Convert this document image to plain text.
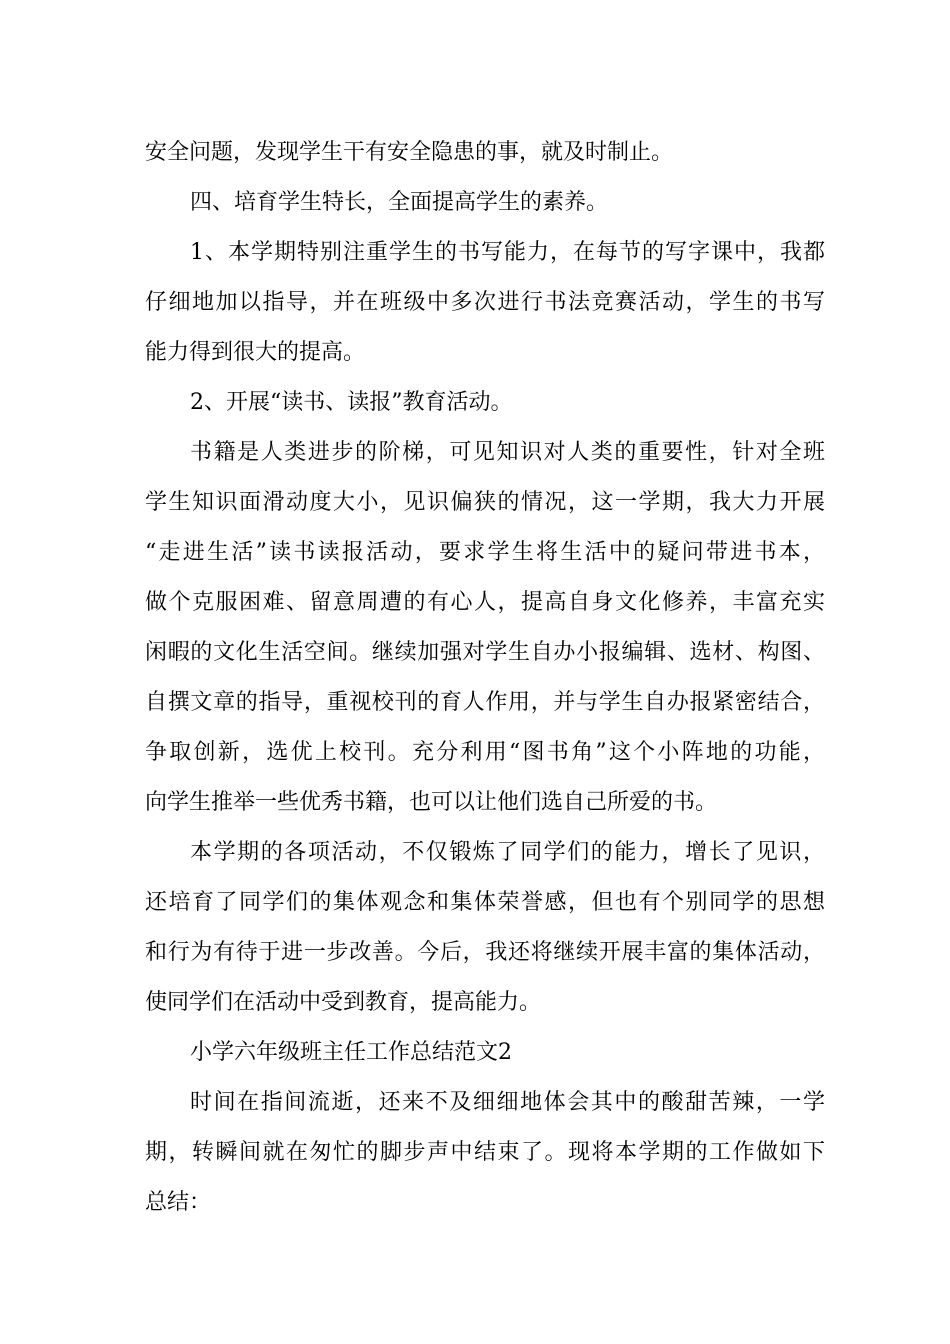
安全问题，发现学生干有安全隐患的事，就及时制止。
四、培育学生特长，全面提高学生的素养。
1、本学期特别注重学生的书写能力，在每节的写字课中，我都
仔细地加以指导，并在班级中多次进行书法竞赛活动，学生的书写
能力得到很大的提高。
2、开展“读书、读报”教育活动。
书籍是人类进步的阶梯，可见知识对人类的重要性，针对全班
学生知识面滑动度大小，见识偏狭的情况，这一学期，我大力开展
“走进生活”读书读报活动，要求学生将生活中的疑问带进书本，
做个克服困难、留意周遭的有心人，提高自身文化修养，丰富充实
闲暇的文化生活空间。继续加强对学生自办小报编辑、选材、构图、
自撰文章的指导，重视校刊的育人作用，并与学生自办报紧密结合，
争取创新，选优上校刊。充分利用“图书角”这个小阵地的功能，
向学生推举一些优秀书籍，也可以让他们选自己所爱的书。
本学期的各项活动，不仅锻炼了同学们的能力，增长了见识，
还培育了同学们的集体观念和集体荣誉感，但也有个别同学的思想
和行为有待于进一步改善。今后，我还将继续开展丰富的集体活动，
使同学们在活动中受到教育，提高能力。
小学六年级班主任工作总结范文2
时间在指间流逝，还来不及细细地体会其中的酸甜苦辣，一学
期，转瞬间就在匆忙的脚步声中结束了。现将本学期的工作做如下
总结：
